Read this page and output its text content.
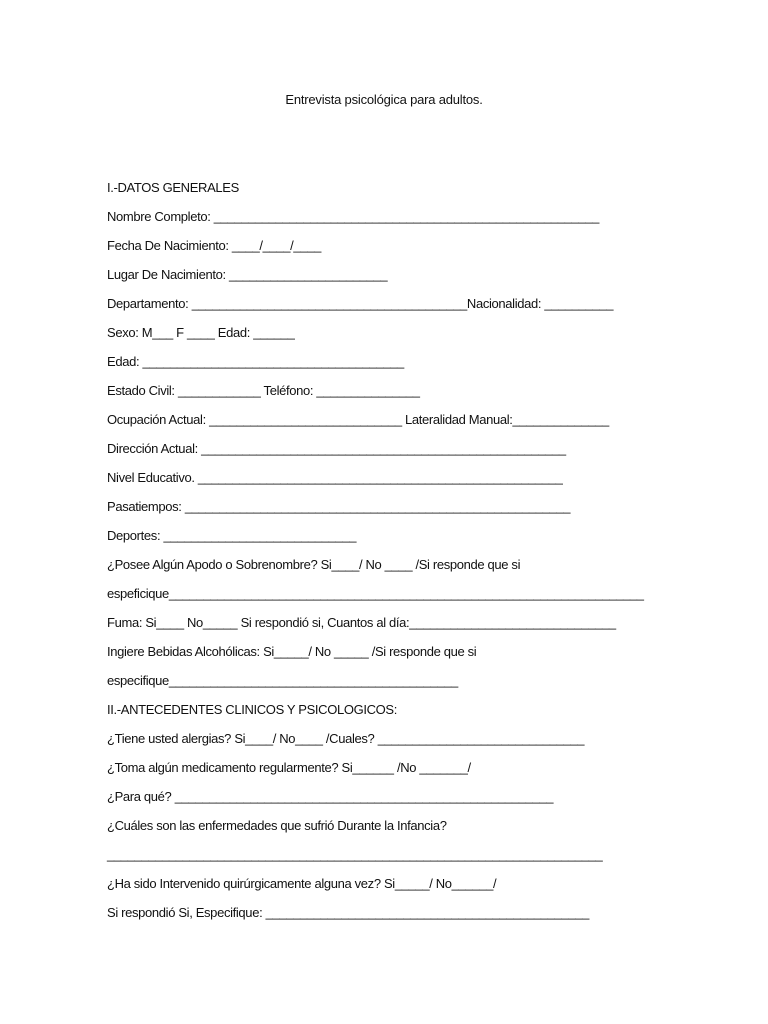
Entrevista psicológica para adultos.
I.-DATOS GENERALES
Nombre Completo: ________________________________________________________
Fecha De Nacimiento: ____/____/____
Lugar De Nacimiento: _______________________
Departamento: ________________________________________Nacionalidad: __________
Sexo: M___ F ____ Edad: ______
Edad: ______________________________________
Estado Civil: ____________ Teléfono: _______________
Ocupación Actual: ____________________________ Lateralidad Manual:______________
Dirección Actual: _____________________________________________________
Nivel Educativo. _____________________________________________________
Pasatiempos: ________________________________________________________
Deportes: ____________________________
¿Posee Algún Apodo o Sobrenombre? Si____/ No ____ /Si responde que si
espeficique_____________________________________________________________________
Fuma: Si____ No_____ Si respondió si, Cuantos al día:______________________________
Ingiere Bebidas Alcohólicas: Si_____/ No _____ /Si responde que si
especifique__________________________________________
II.-ANTECEDENTES CLINICOS Y PSICOLOGICOS:
¿Tiene usted alergias? Si____/ No____ /Cuales? ______________________________
¿Toma algún medicamento regularmente? Si______ /No _______/
¿Para qué? _______________________________________________________
¿Cuáles son las enfermedades que sufrió Durante la Infancia?
________________________________________________________________________
¿Ha sido Intervenido quirúrgicamente alguna vez? Si_____/ No______/
Si respondió Si, Especifique: _______________________________________________
